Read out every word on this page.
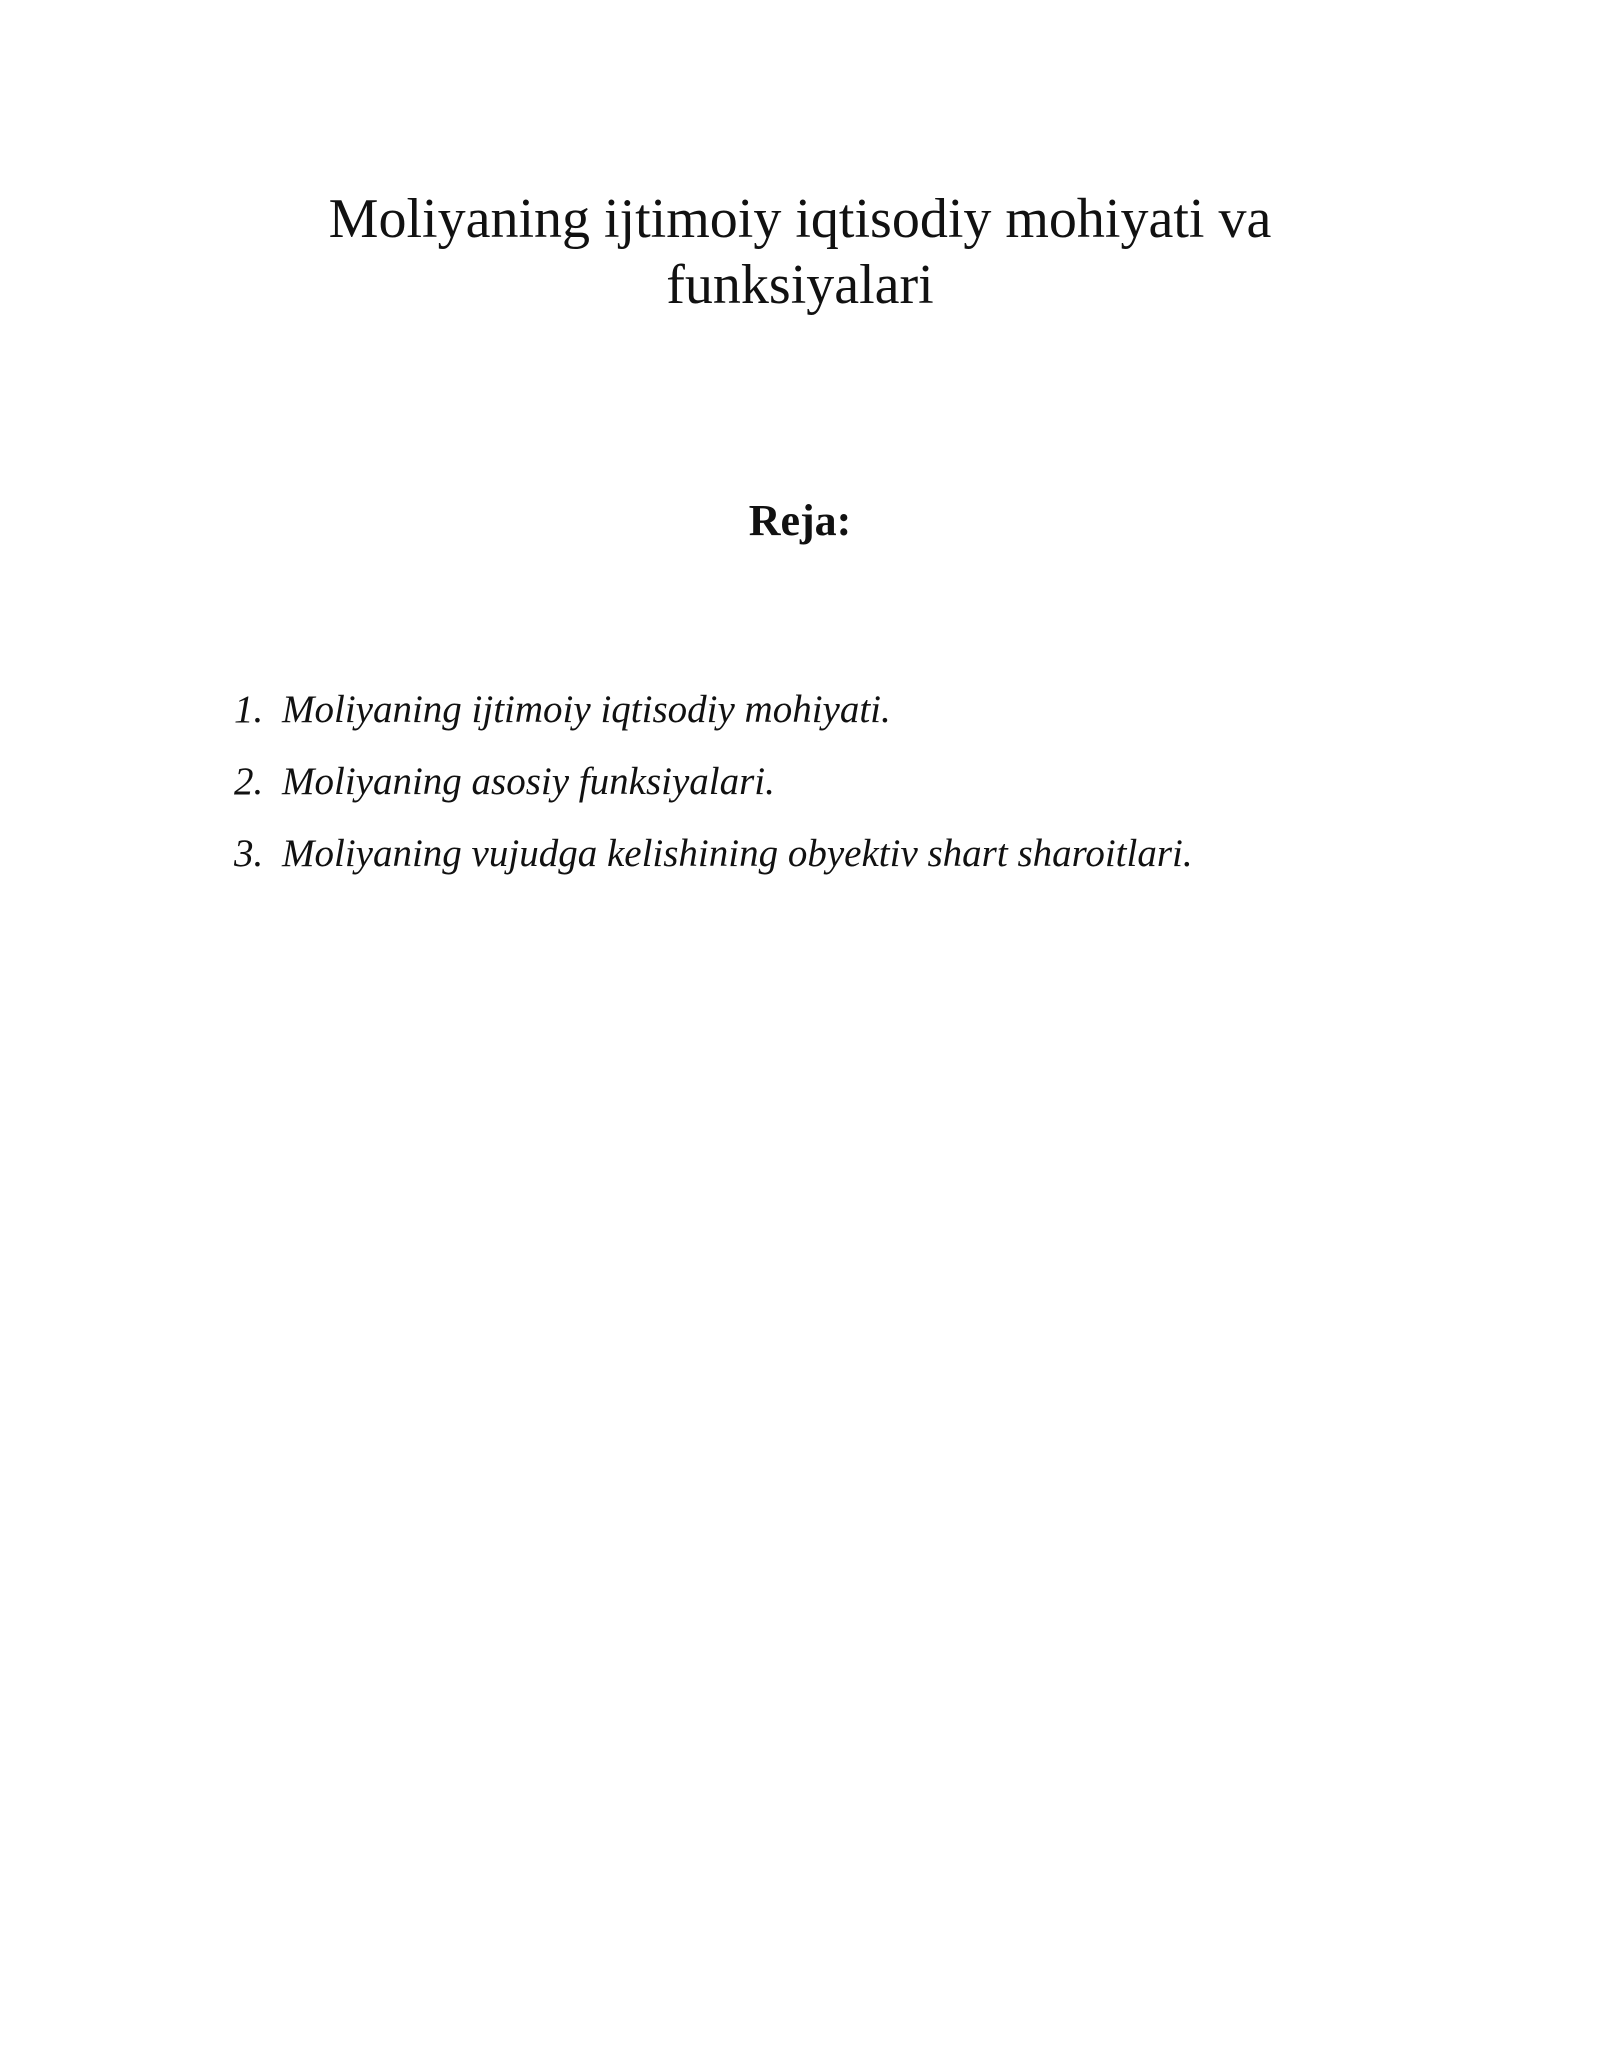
Moliyaning ijtimoiy iqtisodiy mohiyati va funksiyalari
Reja:
1. Moliyaning ijtimoiy iqtisodiy mohiyati.
2. Moliyaning asosiy funksiyalari.
3. Moliyaning vujudga kelishining obyektiv shart sharoitlari.
